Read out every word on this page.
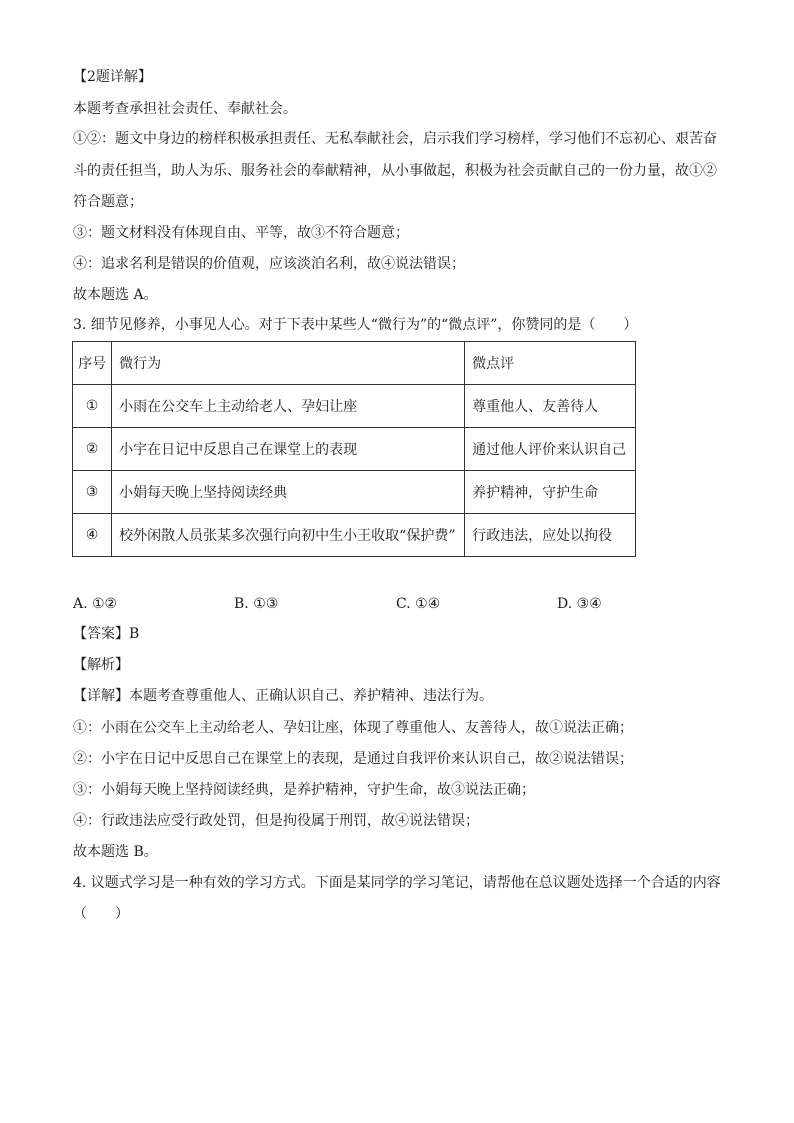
【2题详解】
本题考查承担社会责任、奉献社会。
①②：题文中身边的榜样积极承担责任、无私奉献社会，启示我们学习榜样，学习他们不忘初心、艰苦奋
斗的责任担当，助人为乐、服务社会的奉献精神，从小事做起，积极为社会贡献自己的一份力量，故①②
符合题意；
③：题文材料没有体现自由、平等，故③不符合题意；
④：追求名利是错误的价值观，应该淡泊名利，故④说法错误；
故本题选 A。
3. 细节见修养，小事见人心。对于下表中某些人“微行为”的“微点评”，你赞同的是（　　）
序号	微行为	微点评
①	小雨在公交车上主动给老人、孕妇让座	尊重他人、友善待人
②	小宇在日记中反思自己在课堂上的表现	通过他人评价来认识自己
③	小娟每天晚上坚持阅读经典	养护精神，守护生命
④	校外闲散人员张某多次强行向初中生小王收取“保护费”	行政违法，应处以拘役
A. ①②	B. ①③	C. ①④	D. ③④
【答案】B
【解析】
【详解】本题考查尊重他人、正确认识自己、养护精神、违法行为。
①：小雨在公交车上主动给老人、孕妇让座，体现了尊重他人、友善待人，故①说法正确；
②：小宇在日记中反思自己在课堂上的表现，是通过自我评价来认识自己，故②说法错误；
③：小娟每天晚上坚持阅读经典，是养护精神，守护生命，故③说法正确；
④：行政违法应受行政处罚，但是拘役属于刑罚，故④说法错误；
故本题选 B。
4. 议题式学习是一种有效的学习方式。下面是某同学的学习笔记，请帮他在总议题处选择一个合适的内容
（　　）
